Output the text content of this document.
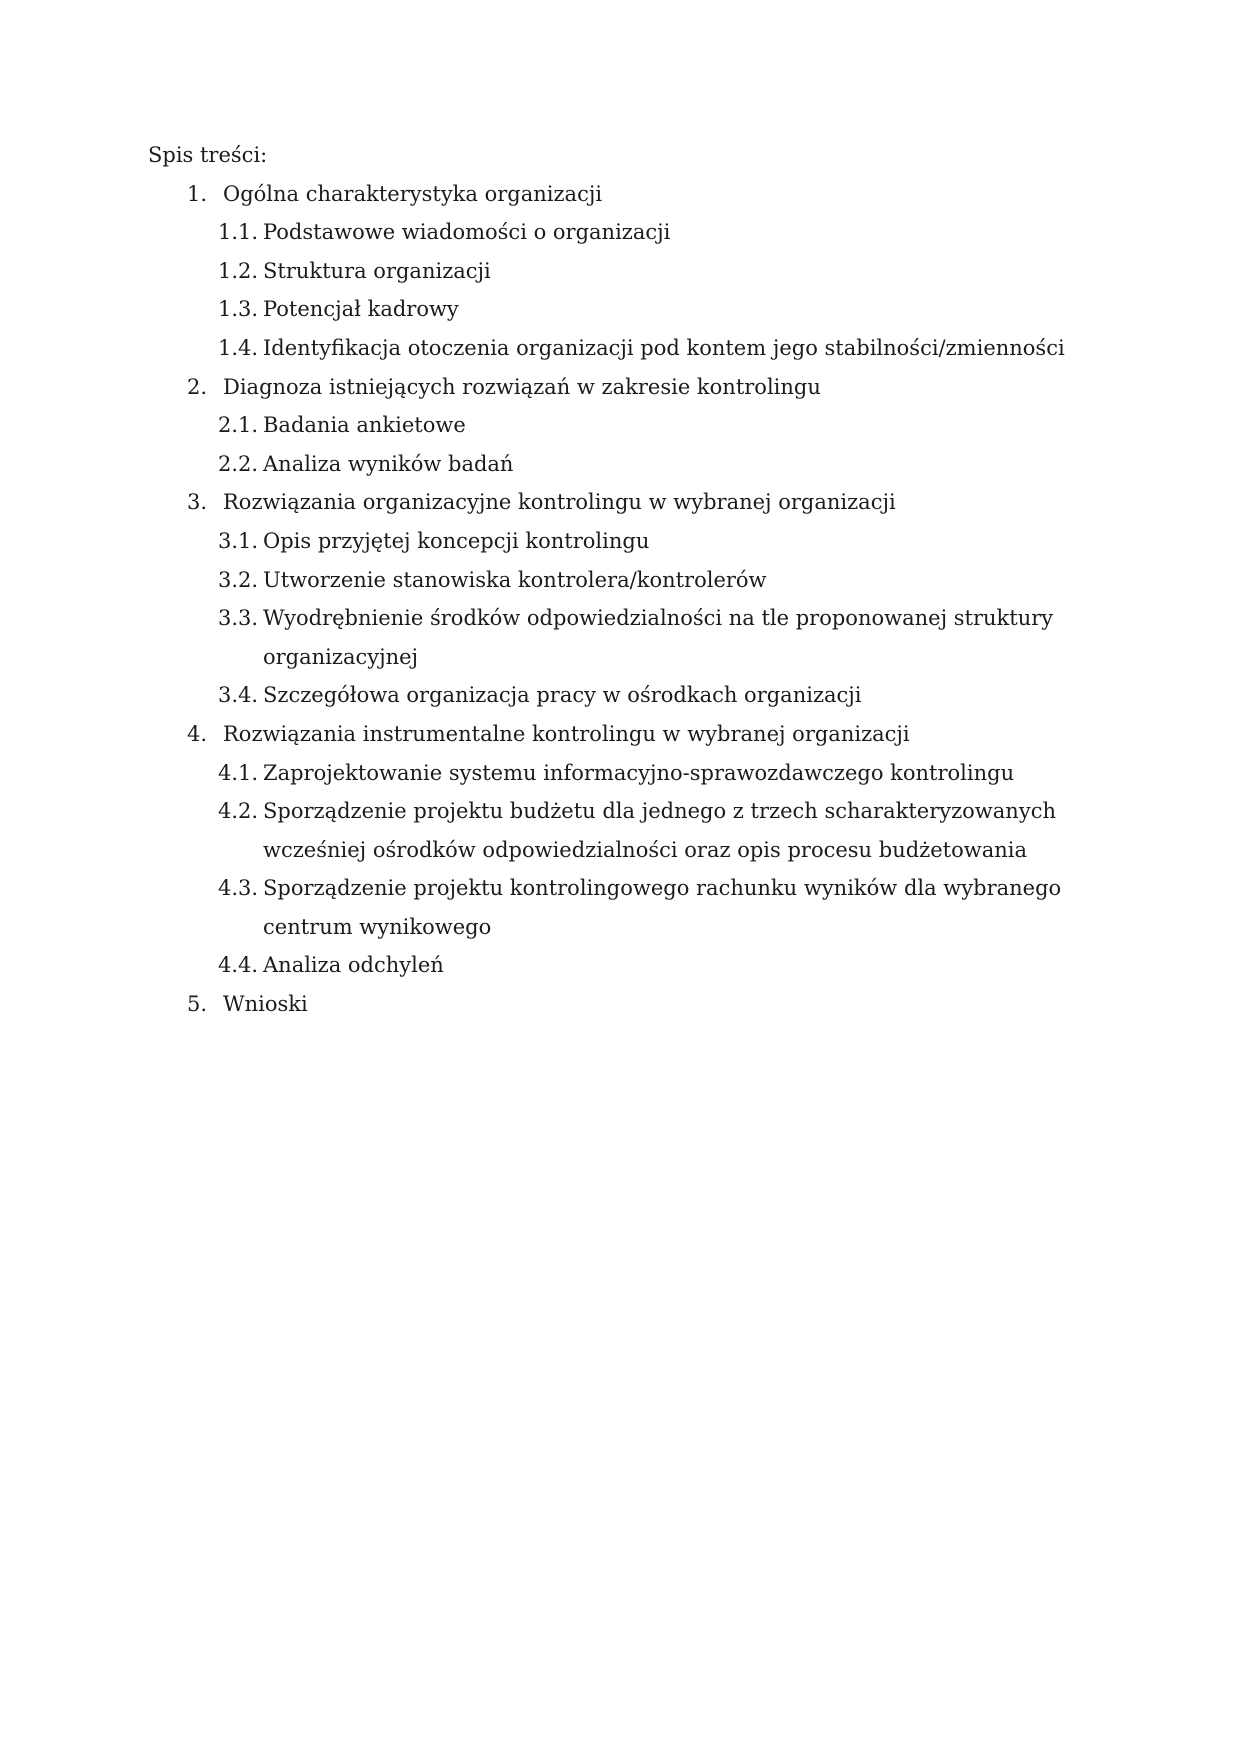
Spis treści:
1. Ogólna charakterystyka organizacji
1.1. Podstawowe wiadomości o organizacji
1.2. Struktura organizacji
1.3. Potencjał kadrowy
1.4. Identyfikacja otoczenia organizacji pod kontem jego stabilności/zmienności
2. Diagnoza istniejących rozwiązań w zakresie kontrolingu
2.1. Badania ankietowe
2.2. Analiza wyników badań
3. Rozwiązania organizacyjne kontrolingu w wybranej organizacji
3.1. Opis przyjętej koncepcji kontrolingu
3.2. Utworzenie stanowiska kontrolera/kontrolerów
3.3. Wyodrębnienie środków odpowiedzialności na tle proponowanej struktury
organizacyjnej
3.4. Szczegółowa organizacja pracy w ośrodkach organizacji
4. Rozwiązania instrumentalne kontrolingu w wybranej organizacji
4.1. Zaprojektowanie systemu informacyjno-sprawozdawczego kontrolingu
4.2. Sporządzenie projektu budżetu dla jednego z trzech scharakteryzowanych
wcześniej ośrodków odpowiedzialności oraz opis procesu budżetowania
4.3. Sporządzenie projektu kontrolingowego rachunku wyników dla wybranego
centrum wynikowego
4.4. Analiza odchyleń
5. Wnioski
